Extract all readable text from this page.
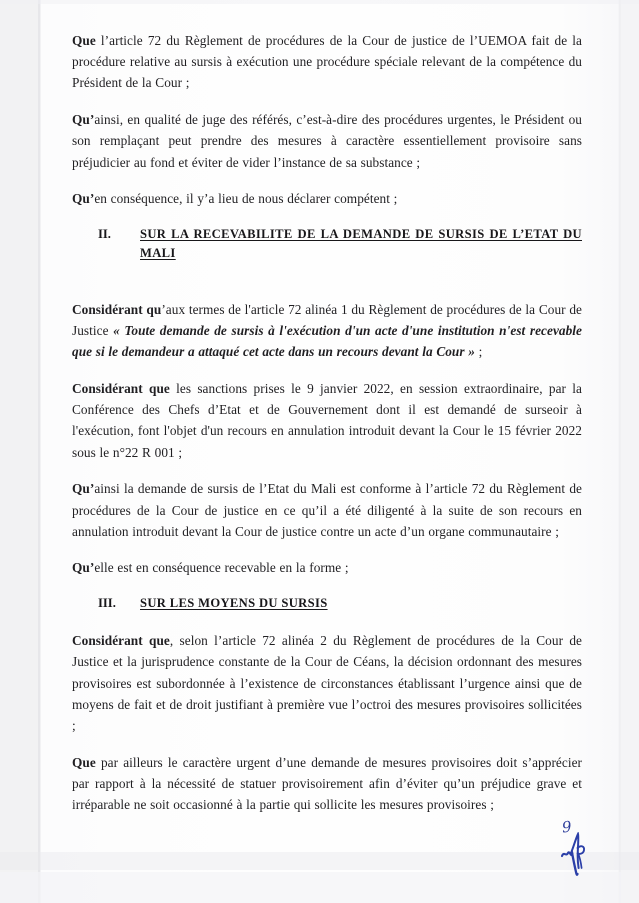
Que l’article 72 du Règlement de procédures de la Cour de justice de l’UEMOA fait de la procédure relative au sursis à exécution une procédure spéciale relevant de la compétence du Président de la Cour ;

Qu’ainsi, en qualité de juge des référés, c’est-à-dire des procédures urgentes, le Président ou son remplaçant peut prendre des mesures à caractère essentiellement provisoire sans préjudicier au fond et éviter de vider l’instance de sa substance ;

Qu’en conséquence, il y’a lieu de nous déclarer compétent ;

II.	SUR LA RECEVABILITE DE LA DEMANDE DE SURSIS DE L’ETAT DU MALI

Considérant qu’aux termes de l'article 72 alinéa 1 du Règlement de procédures de la Cour de Justice « Toute demande de sursis à l'exécution d'un acte d'une institution n'est recevable que si le demandeur a attaqué cet acte dans un recours devant la Cour » ;

Considérant que les sanctions prises le 9 janvier 2022, en session extraordinaire, par la Conférence des Chefs d’Etat et de Gouvernement dont il est demandé de surseoir à l'exécution, font l'objet d'un recours en annulation introduit devant la Cour le 15 février 2022 sous le n°22 R 001 ;

Qu’ainsi la demande de sursis de l’Etat du Mali est conforme à l’article 72 du Règlement de procédures de la Cour de justice en ce qu’il a été diligenté à la suite de son recours en annulation introduit devant la Cour de justice contre un acte d’un organe communautaire ;

Qu’elle est en conséquence recevable en la forme ;

III.	SUR LES MOYENS DU SURSIS

Considérant que, selon l’article 72 alinéa 2 du Règlement de procédures de la Cour de Justice et la jurisprudence constante de la Cour de Céans, la décision ordonnant des mesures provisoires est subordonnée à l’existence de circonstances établissant l’urgence ainsi que de moyens de fait et de droit justifiant à première vue l’octroi des mesures provisoires sollicitées ;

Que par ailleurs le caractère urgent d’une demande de mesures provisoires doit s’apprécier par rapport à la nécessité de statuer provisoirement afin d’éviter qu’un préjudice grave et irréparable ne soit occasionné à la partie qui sollicite les mesures provisoires ;

9
